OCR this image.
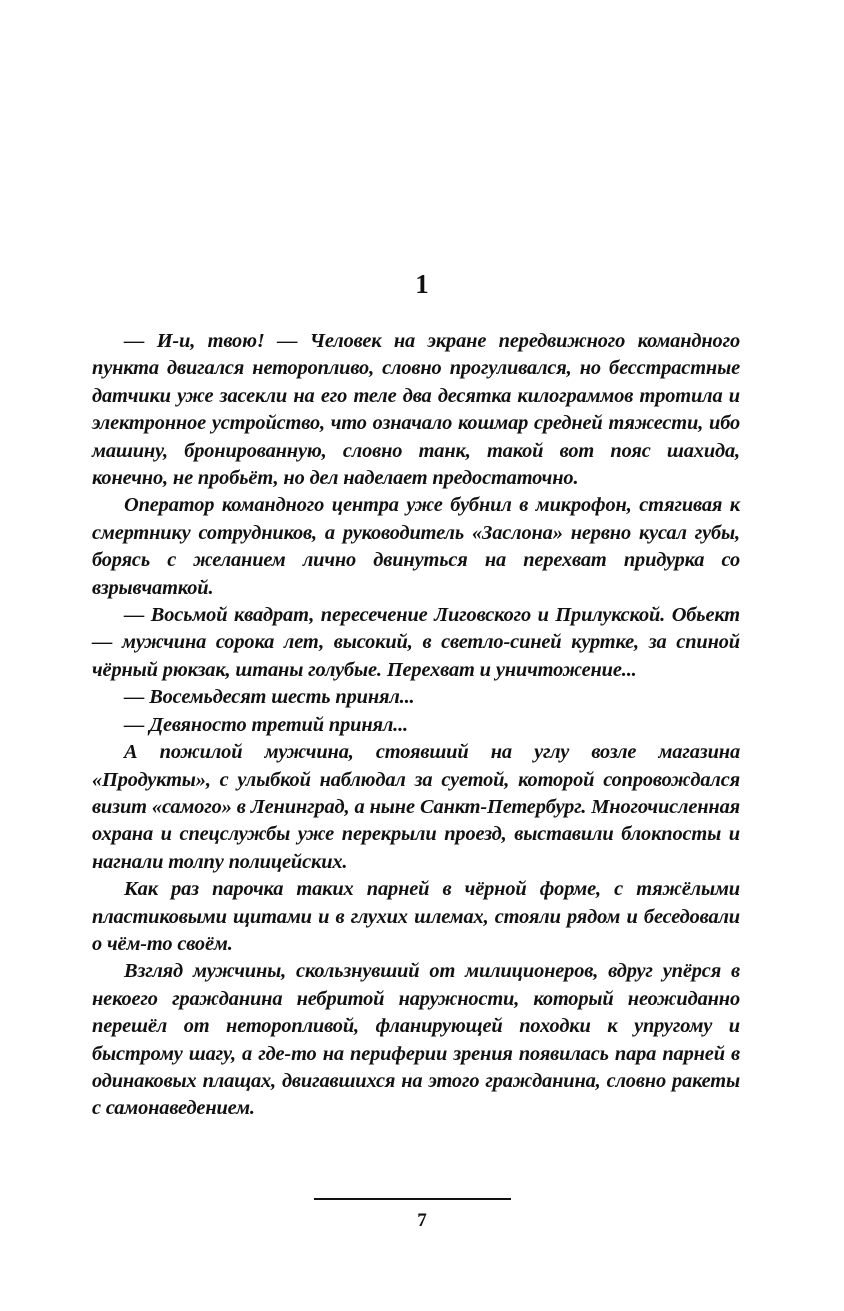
1

— И-и, твою! — Человек на экране передвижного командного пункта двигался неторопливо, словно прогуливался, но бесстрастные датчики уже засекли на его теле два десятка килограммов тротила и электронное устройство, что означало кошмар средней тяжести, ибо машину, бронированную, словно танк, такой вот пояс шахида, конечно, не пробьёт, но дел наделает предостаточно.

Оператор командного центра уже бубнил в микрофон, стягивая к смертнику сотрудников, а руководитель «Заслона» нервно кусал губы, борясь с желанием лично двинуться на перехват придурка со взрывчаткой.

— Восьмой квадрат, пересечение Лиговского и Прилукской. Обьект — мужчина сорока лет, высокий, в светло-синей куртке, за спиной чёрный рюкзак, штаны голубые. Перехват и уничтожение...

— Восемьдесят шесть принял...

— Девяносто третий принял...

А пожилой мужчина, стоявший на углу возле магазина «Продукты», с улыбкой наблюдал за суетой, которой сопровождался визит «самого» в Ленинград, а ныне Санкт-Петербург. Многочисленная охрана и спецслужбы уже перекрыли проезд, выставили блокпосты и нагнали толпу полицейских.

Как раз парочка таких парней в чёрной форме, с тяжёлыми пластиковыми щитами и в глухих шлемах, стояли рядом и беседовали о чём-то своём.

Взгляд мужчины, скользнувший от милиционеров, вдруг упёрся в некоего гражданина небритой наружности, который неожиданно перешёл от неторопливой, фланирующей походки к упругому и быстрому шагу, а где-то на периферии зрения появилась пара парней в одинаковых плащах, двигавшихся на этого гражданина, словно ракеты с самонаведением.

7
